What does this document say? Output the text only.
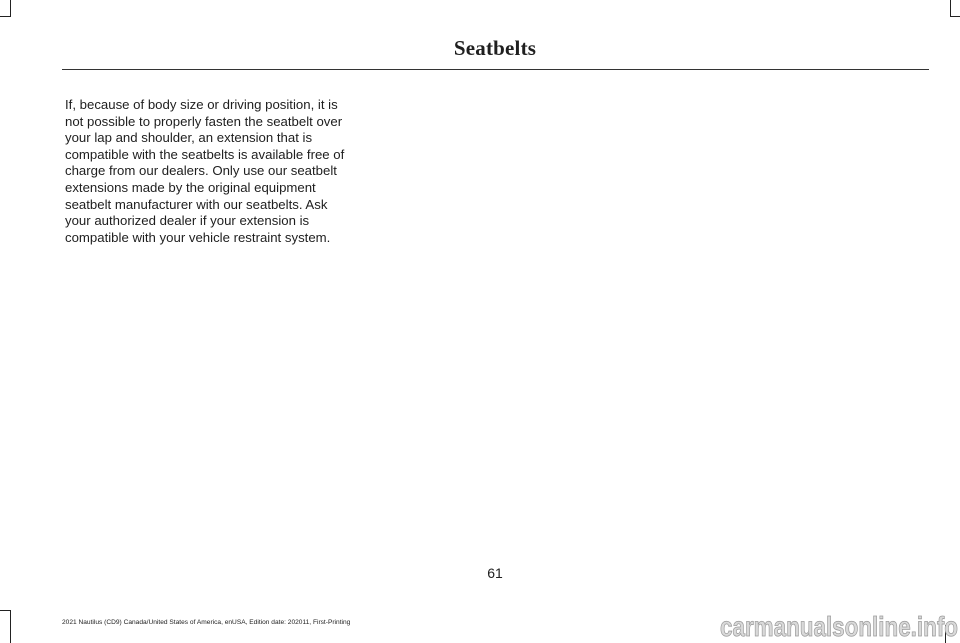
Seatbelts

If, because of body size or driving position, it is not possible to properly fasten the seatbelt over your lap and shoulder, an extension that is compatible with the seatbelts is available free of charge from our dealers. Only use our seatbelt extensions made by the original equipment seatbelt manufacturer with our seatbelts. Ask your authorized dealer if your extension is compatible with your vehicle restraint system.

61
2021 Nautilus (CD9) Canada/United States of America, enUSA, Edition date: 202011, First-Printing	carmanualsonline.info
